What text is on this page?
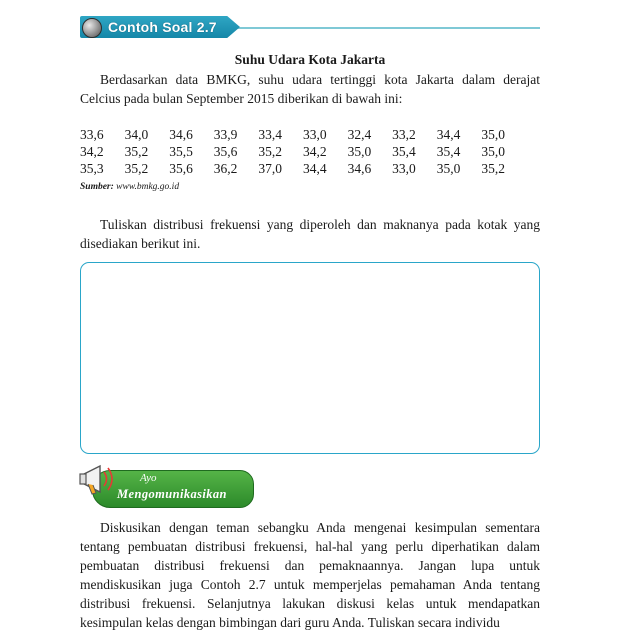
Contoh Soal 2.7
Suhu Udara Kota Jakarta

Berdasarkan data BMKG, suhu udara tertinggi kota Jakarta dalam derajat Celcius pada bulan September 2015 diberikan di bawah ini:

33,6	34,0	34,6	33,9	33,4	33,0	32,4	33,2	34,4	35,0
34,2	35,2	35,5	35,6	35,2	34,2	35,0	35,4	35,4	35,0
35,3	35,2	35,6	36,2	37,0	34,4	34,6	33,0	35,0	35,2
Sumber: www.bmkg.go.id

Tuliskan distribusi frekuensi yang diperoleh dan maknanya pada kotak yang disediakan berikut ini.

Ayo
Mengomunikasikan

Diskusikan dengan teman sebangku Anda mengenai kesimpulan sementara tentang pembuatan distribusi frekuensi, hal-hal yang perlu diperhatikan dalam pembuatan distribusi frekuensi dan pemaknaannya. Jangan lupa untuk mendiskusikan juga Contoh 2.7 untuk memperjelas pemahaman Anda tentang distribusi frekuensi. Selanjutnya lakukan diskusi kelas untuk mendapatkan kesimpulan kelas dengan bimbingan dari guru Anda. Tuliskan secara individu
